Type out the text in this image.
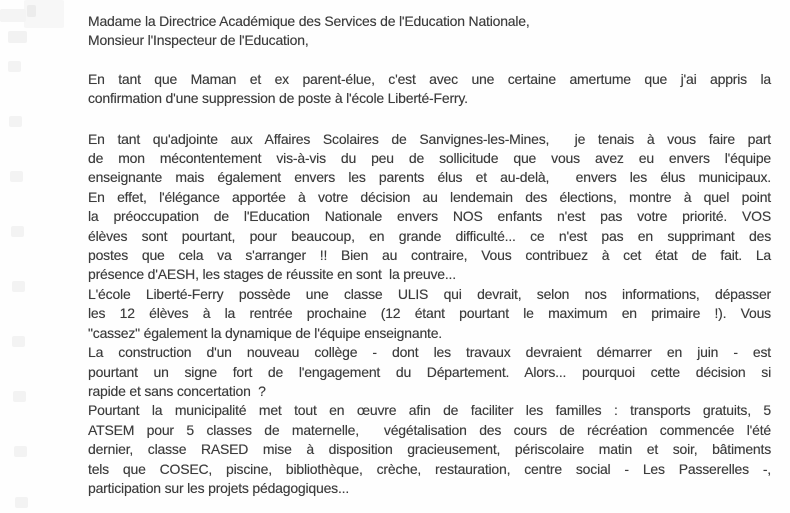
Madame la Directrice Académique des Services de l'Education Nationale,
Monsieur l'Inspecteur de l'Education,
En tant que Maman et ex parent-élue, c'est avec une certaine amertume que j'ai appris la
confirmation d'une suppression de poste à l'école Liberté-Ferry.
En tant qu'adjointe aux Affaires Scolaires de Sanvignes-les-Mines,  je tenais à vous faire part
de mon mécontentement vis-à-vis du peu de sollicitude que vous avez eu envers l'équipe
enseignante mais également envers les parents élus et au-delà,  envers les élus municipaux.
En effet, l'élégance apportée à votre décision au lendemain des élections, montre à quel point
la préoccupation de l'Education Nationale envers NOS enfants n'est pas votre priorité. VOS
élèves sont pourtant, pour beaucoup, en grande difficulté... ce n'est pas en supprimant des
postes que cela va s'arranger !! Bien au contraire, Vous contribuez à cet état de fait. La
présence d'AESH, les stages de réussite en sont  la preuve...
L'école Liberté-Ferry possède une classe ULIS qui devrait, selon nos informations, dépasser
les 12 élèves à la rentrée prochaine (12 étant pourtant le maximum en primaire !). Vous
"cassez" également la dynamique de l'équipe enseignante.
La construction d'un nouveau collège - dont les travaux devraient démarrer en juin - est
pourtant un signe fort de l'engagement du Département. Alors... pourquoi cette décision si
rapide et sans concertation  ?
Pourtant la municipalité met tout en œuvre afin de faciliter les familles : transports gratuits, 5
ATSEM pour 5 classes de maternelle,  végétalisation des cours de récréation commencée l'été
dernier, classe RASED mise à disposition gracieusement, périscolaire matin et soir, bâtiments
tels que COSEC, piscine, bibliothèque, crèche, restauration, centre social - Les Passerelles -,
participation sur les projets pédagogiques...
